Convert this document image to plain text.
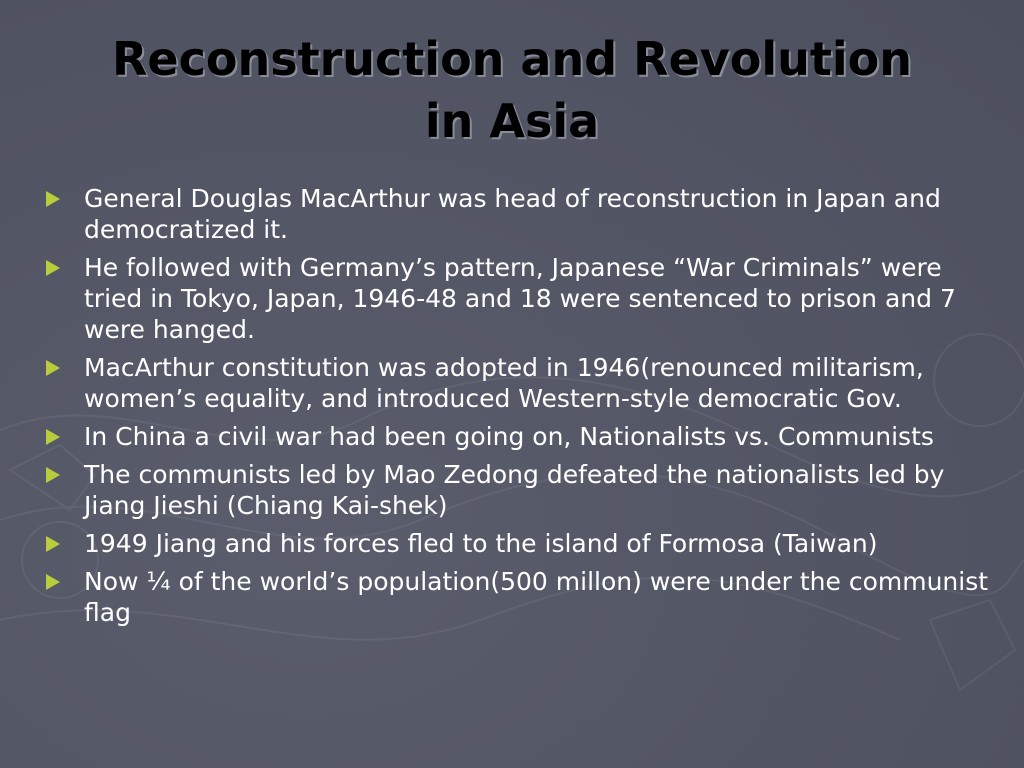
Reconstruction and Revolution
in Asia
General Douglas MacArthur was head of reconstruction in Japan and democratized it.
He followed with Germany’s pattern, Japanese “War Criminals” were tried in Tokyo, Japan, 1946-48 and 18 were sentenced to prison and 7 were hanged.
MacArthur constitution was adopted in 1946(renounced militarism, women’s equality, and introduced Western-style democratic Gov.
In China a civil war had been going on, Nationalists vs. Communists
The communists led by Mao Zedong defeated the nationalists led by Jiang Jieshi (Chiang Kai-shek)
1949 Jiang and his forces fled to the island of Formosa (Taiwan)
Now ¼ of the world’s population(500 millon) were under the communist flag
